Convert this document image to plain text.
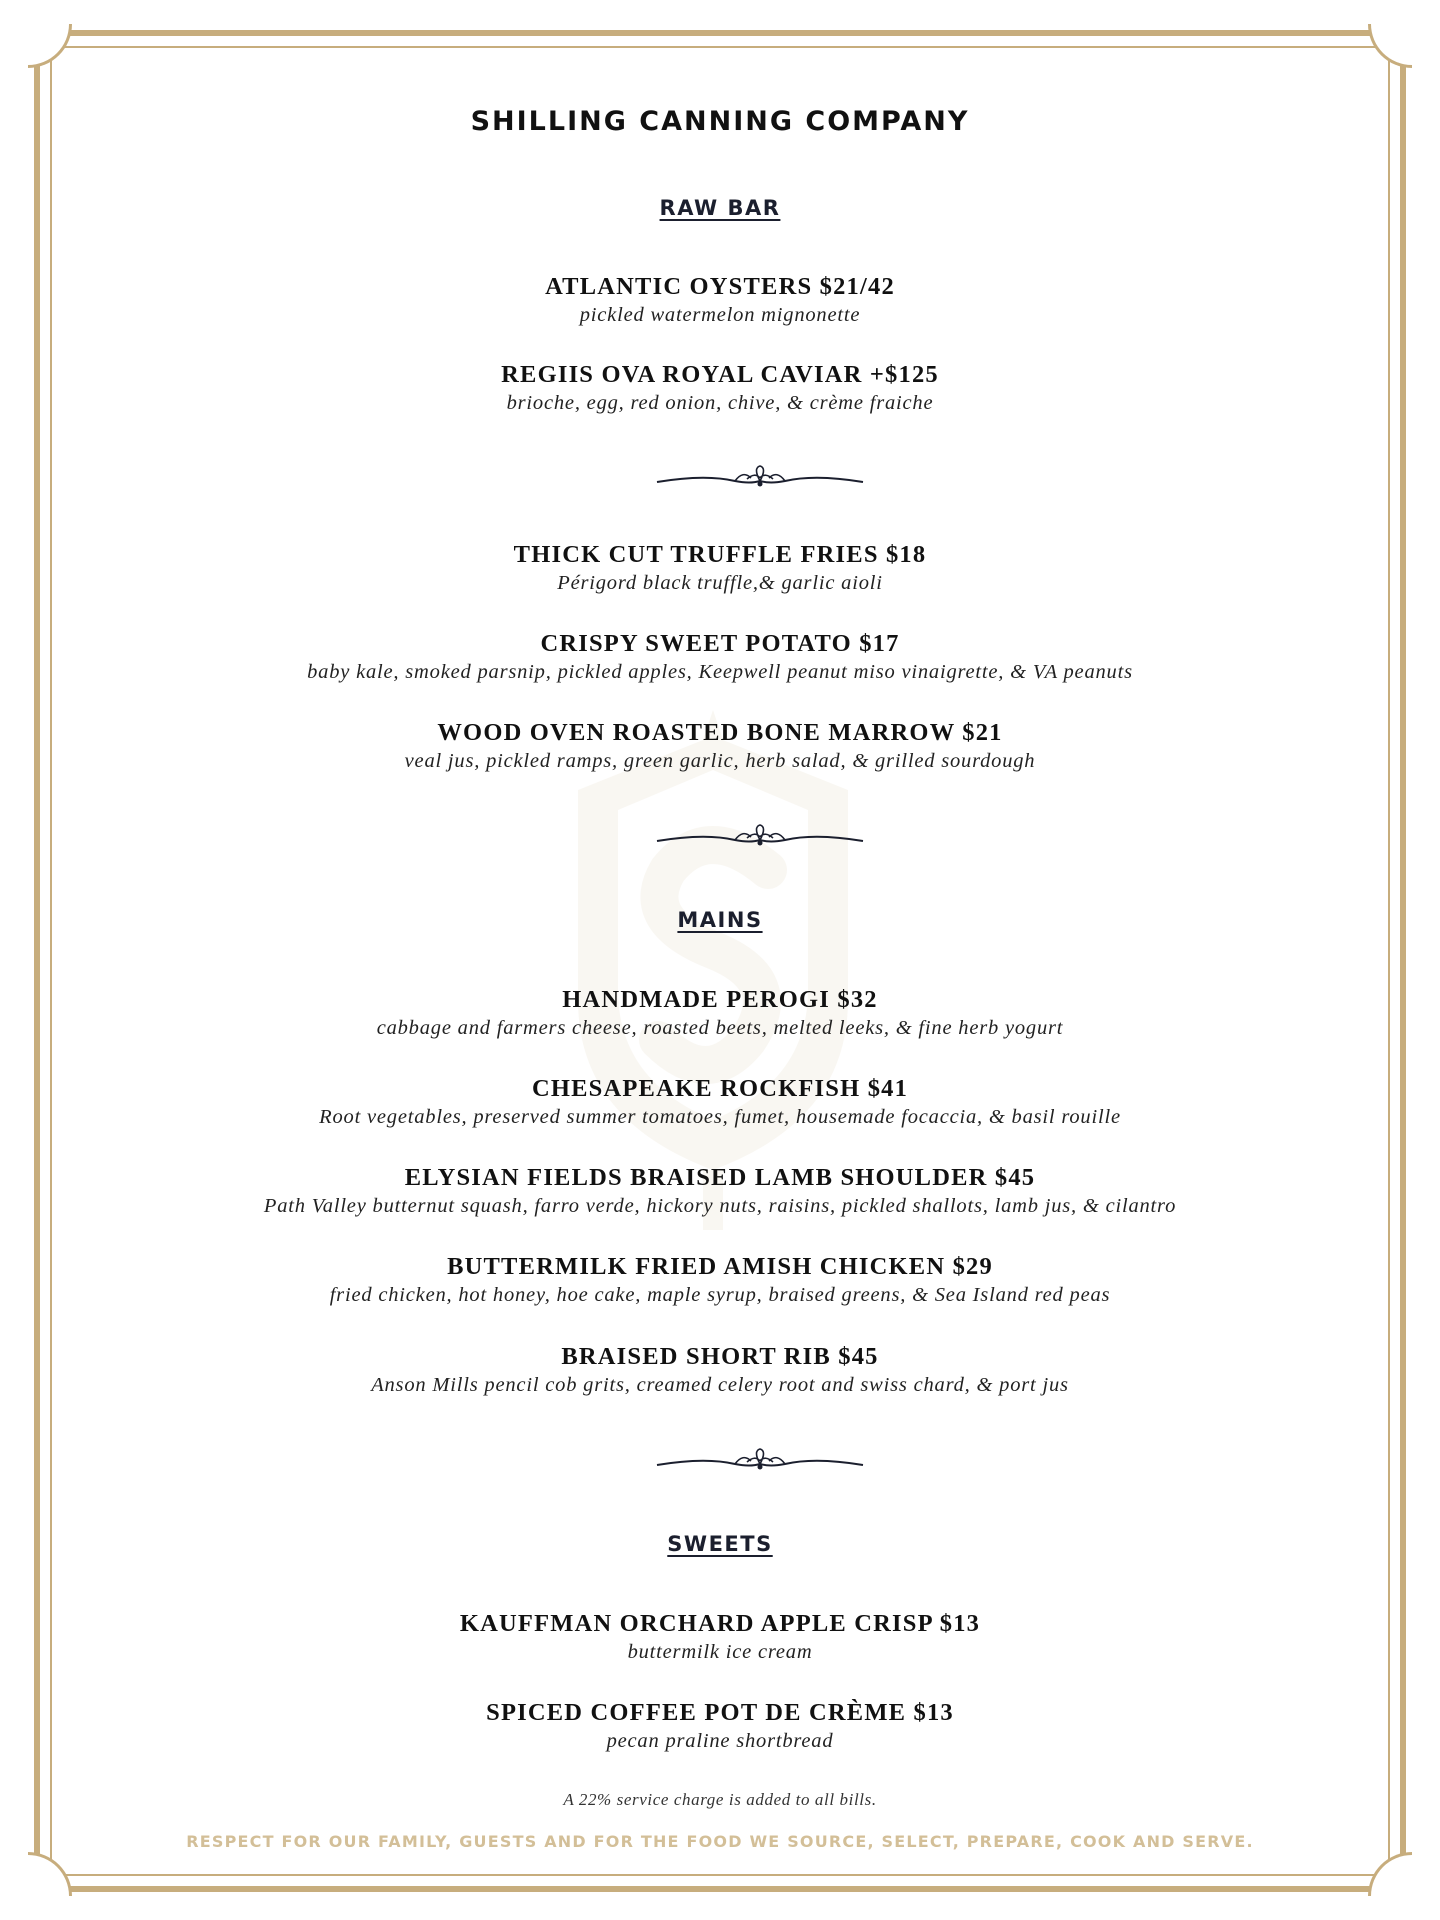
SHILLING CANNING COMPANY
RAW BAR
ATLANTIC OYSTERS $21/42
pickled watermelon mignonette
REGIIS OVA ROYAL CAVIAR +$125
brioche, egg, red onion, chive, & crème fraiche
THICK CUT TRUFFLE FRIES $18
Périgord black truffle,& garlic aioli
CRISPY SWEET POTATO $17
baby kale, smoked parsnip, pickled apples, Keepwell peanut miso vinaigrette, & VA peanuts
WOOD OVEN ROASTED BONE MARROW $21
veal jus, pickled ramps, green garlic, herb salad, & grilled sourdough
MAINS
HANDMADE PEROGI $32
cabbage and farmers cheese, roasted beets, melted leeks, & fine herb yogurt
CHESAPEAKE ROCKFISH $41
Root vegetables, preserved summer tomatoes, fumet, housemade focaccia, & basil rouille
ELYSIAN FIELDS BRAISED LAMB SHOULDER $45
Path Valley butternut squash, farro verde, hickory nuts, raisins, pickled shallots, lamb jus, & cilantro
BUTTERMILK FRIED AMISH CHICKEN $29
fried chicken, hot honey, hoe cake, maple syrup, braised greens, & Sea Island red peas
BRAISED SHORT RIB $45
Anson Mills pencil cob grits, creamed celery root and swiss chard, & port jus
SWEETS
KAUFFMAN ORCHARD APPLE CRISP $13
buttermilk ice cream
SPICED COFFEE POT DE CRÈME $13
pecan praline shortbread
A 22% service charge is added to all bills.
RESPECT FOR OUR FAMILY, GUESTS AND FOR THE FOOD WE SOURCE, SELECT, PREPARE, COOK AND SERVE.
